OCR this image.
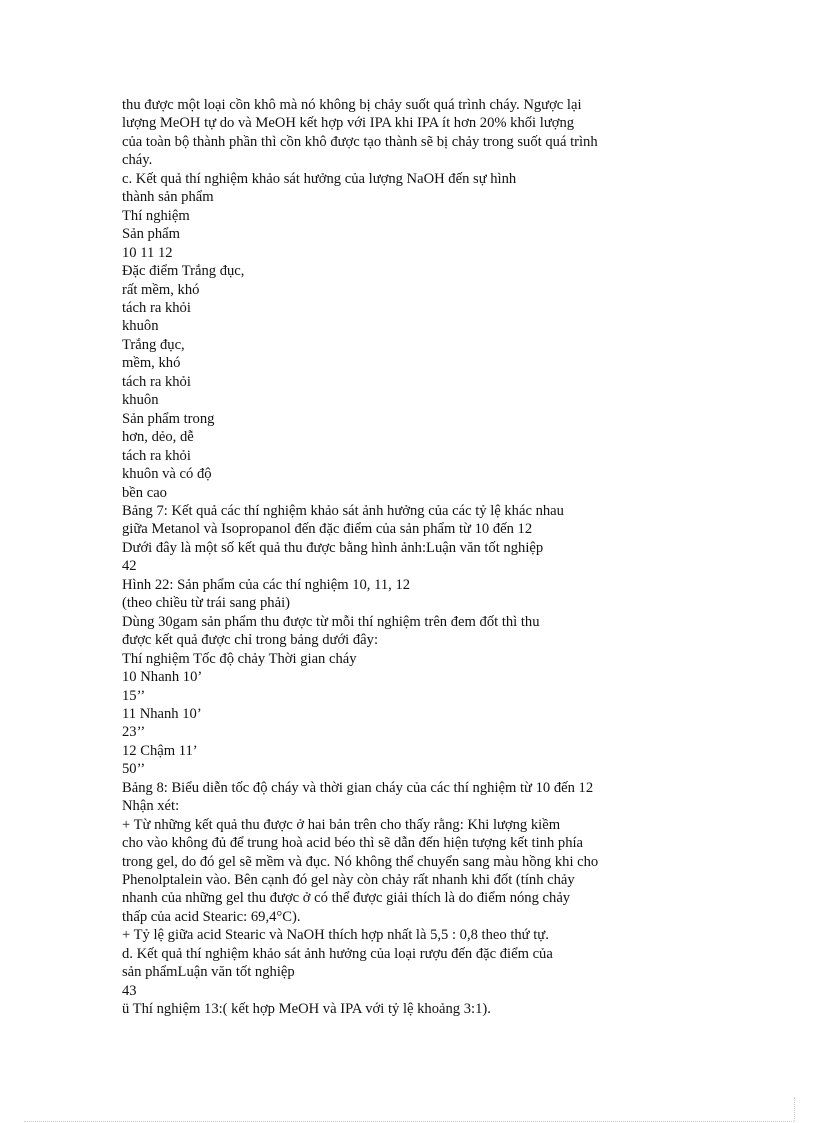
thu được một loại cồn khô mà nó không bị chảy suốt quá trình cháy. Ngược lại
lượng MeOH tự do và MeOH kết hợp với IPA khi IPA ít hơn 20% khối lượng
của toàn bộ thành phần thì cồn khô được tạo thành sẽ bị chảy trong suốt quá trình
cháy.
c. Kết quả thí nghiệm khảo sát hưởng của lượng NaOH đến sự hình
thành sản phẩm
Thí nghiệm
Sản phẩm
10 11 12
Đặc điểm Trắng đục,
rất mềm, khó
tách ra khỏi
khuôn
Trắng đục,
mềm, khó
tách ra khỏi
khuôn
Sản phẩm trong
hơn, dẻo, dễ
tách ra khỏi
khuôn và có độ
bền cao
Bảng 7: Kết quả các thí nghiệm khảo sát ảnh hưởng của các tỷ lệ khác nhau
giữa Metanol và Isopropanol đến đặc điểm của sản phẩm từ 10 đến 12
Dưới đây là một số kết quả thu được bằng hình ảnh:Luận văn tốt nghiệp
42
Hình 22: Sản phẩm của các thí nghiệm 10, 11, 12
(theo chiều từ trái sang phải)
Dùng 30gam sản phẩm thu được từ mỗi thí nghiệm trên đem đốt thì thu
được kết quả được chỉ trong bảng dưới đây:
Thí nghiệm Tốc độ chảy Thời gian cháy
10 Nhanh 10’
15’’
11 Nhanh 10’
23’’
12 Chậm 11’
50’’
Bảng 8: Biểu diễn tốc độ cháy và thời gian cháy của các thí nghiệm từ 10 đến 12
Nhận xét:
+ Từ những kết quả thu được ở hai bản trên cho thấy rằng: Khi lượng kiềm
cho vào không đủ để trung hoà acid béo thì sẽ dẫn đến hiện tượng kết tinh phía
trong gel, do đó gel sẽ mềm và đục. Nó không thể chuyển sang màu hồng khi cho
Phenolptalein vào. Bên cạnh đó gel này còn chảy rất nhanh khi đốt (tính chảy
nhanh của những gel thu được ở có thể được giải thích là do điểm nóng chảy
thấp của acid Stearic: 69,4°C).
+ Tỷ lệ giữa acid Stearic và NaOH thích hợp nhất là 5,5 : 0,8 theo thứ tự.
d. Kết quả thí nghiệm khảo sát ảnh hưởng của loại rượu đến đặc điểm của
sản phẩmLuận văn tốt nghiệp
43
ü Thí nghiệm 13:( kết hợp MeOH và IPA với tỷ lệ khoảng 3:1).
